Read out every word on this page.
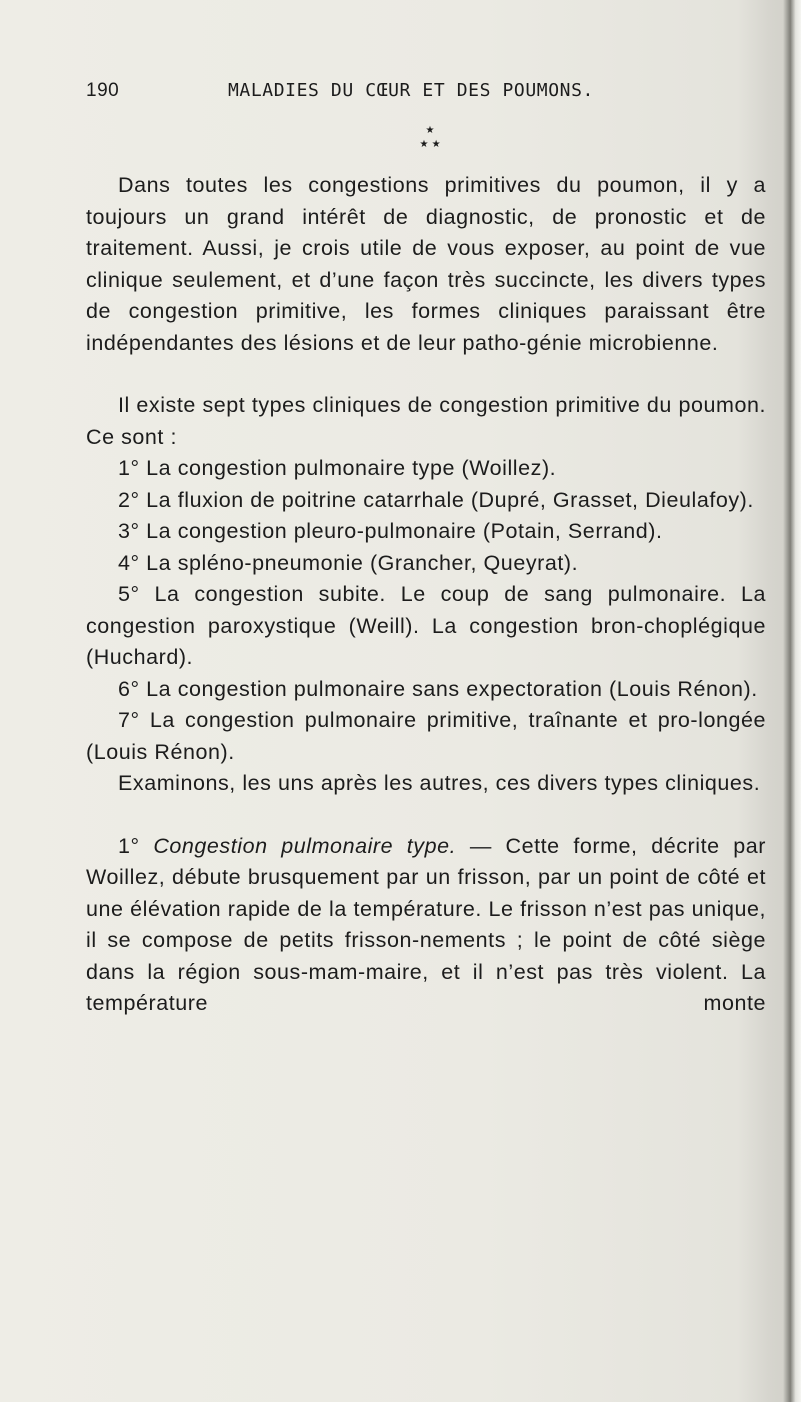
190	MALADIES DU CŒUR ET DES POUMONS.
★
★ ★

Dans toutes les congestions primitives du poumon, il y a toujours un grand intérêt de diagnostic, de pronostic et de traitement. Aussi, je crois utile de vous exposer, au point de vue clinique seulement, et d’une façon très succincte, les divers types de congestion primitive, les formes cliniques paraissant être indépendantes des lésions et de leur patho-génie microbienne.

Il existe sept types cliniques de congestion primitive du poumon. Ce sont :

1° La congestion pulmonaire type (Woillez).

2° La fluxion de poitrine catarrhale (Dupré, Grasset, Dieulafoy).

3° La congestion pleuro-pulmonaire (Potain, Serrand).

4° La spléno-pneumonie (Grancher, Queyrat).

5° La congestion subite. Le coup de sang pulmonaire. La congestion paroxystique (Weill). La congestion bron-choplégique (Huchard).

6° La congestion pulmonaire sans expectoration (Louis Rénon).

7° La congestion pulmonaire primitive, traînante et pro-longée (Louis Rénon).

Examinons, les uns après les autres, ces divers types cliniques.

1° Congestion pulmonaire type. — Cette forme, décrite par Woillez, débute brusquement par un frisson, par un point de côté et une élévation rapide de la température. Le frisson n’est pas unique, il se compose de petits frisson-nements ; le point de côté siège dans la région sous-mam-maire, et il n’est pas très violent. La température monte
